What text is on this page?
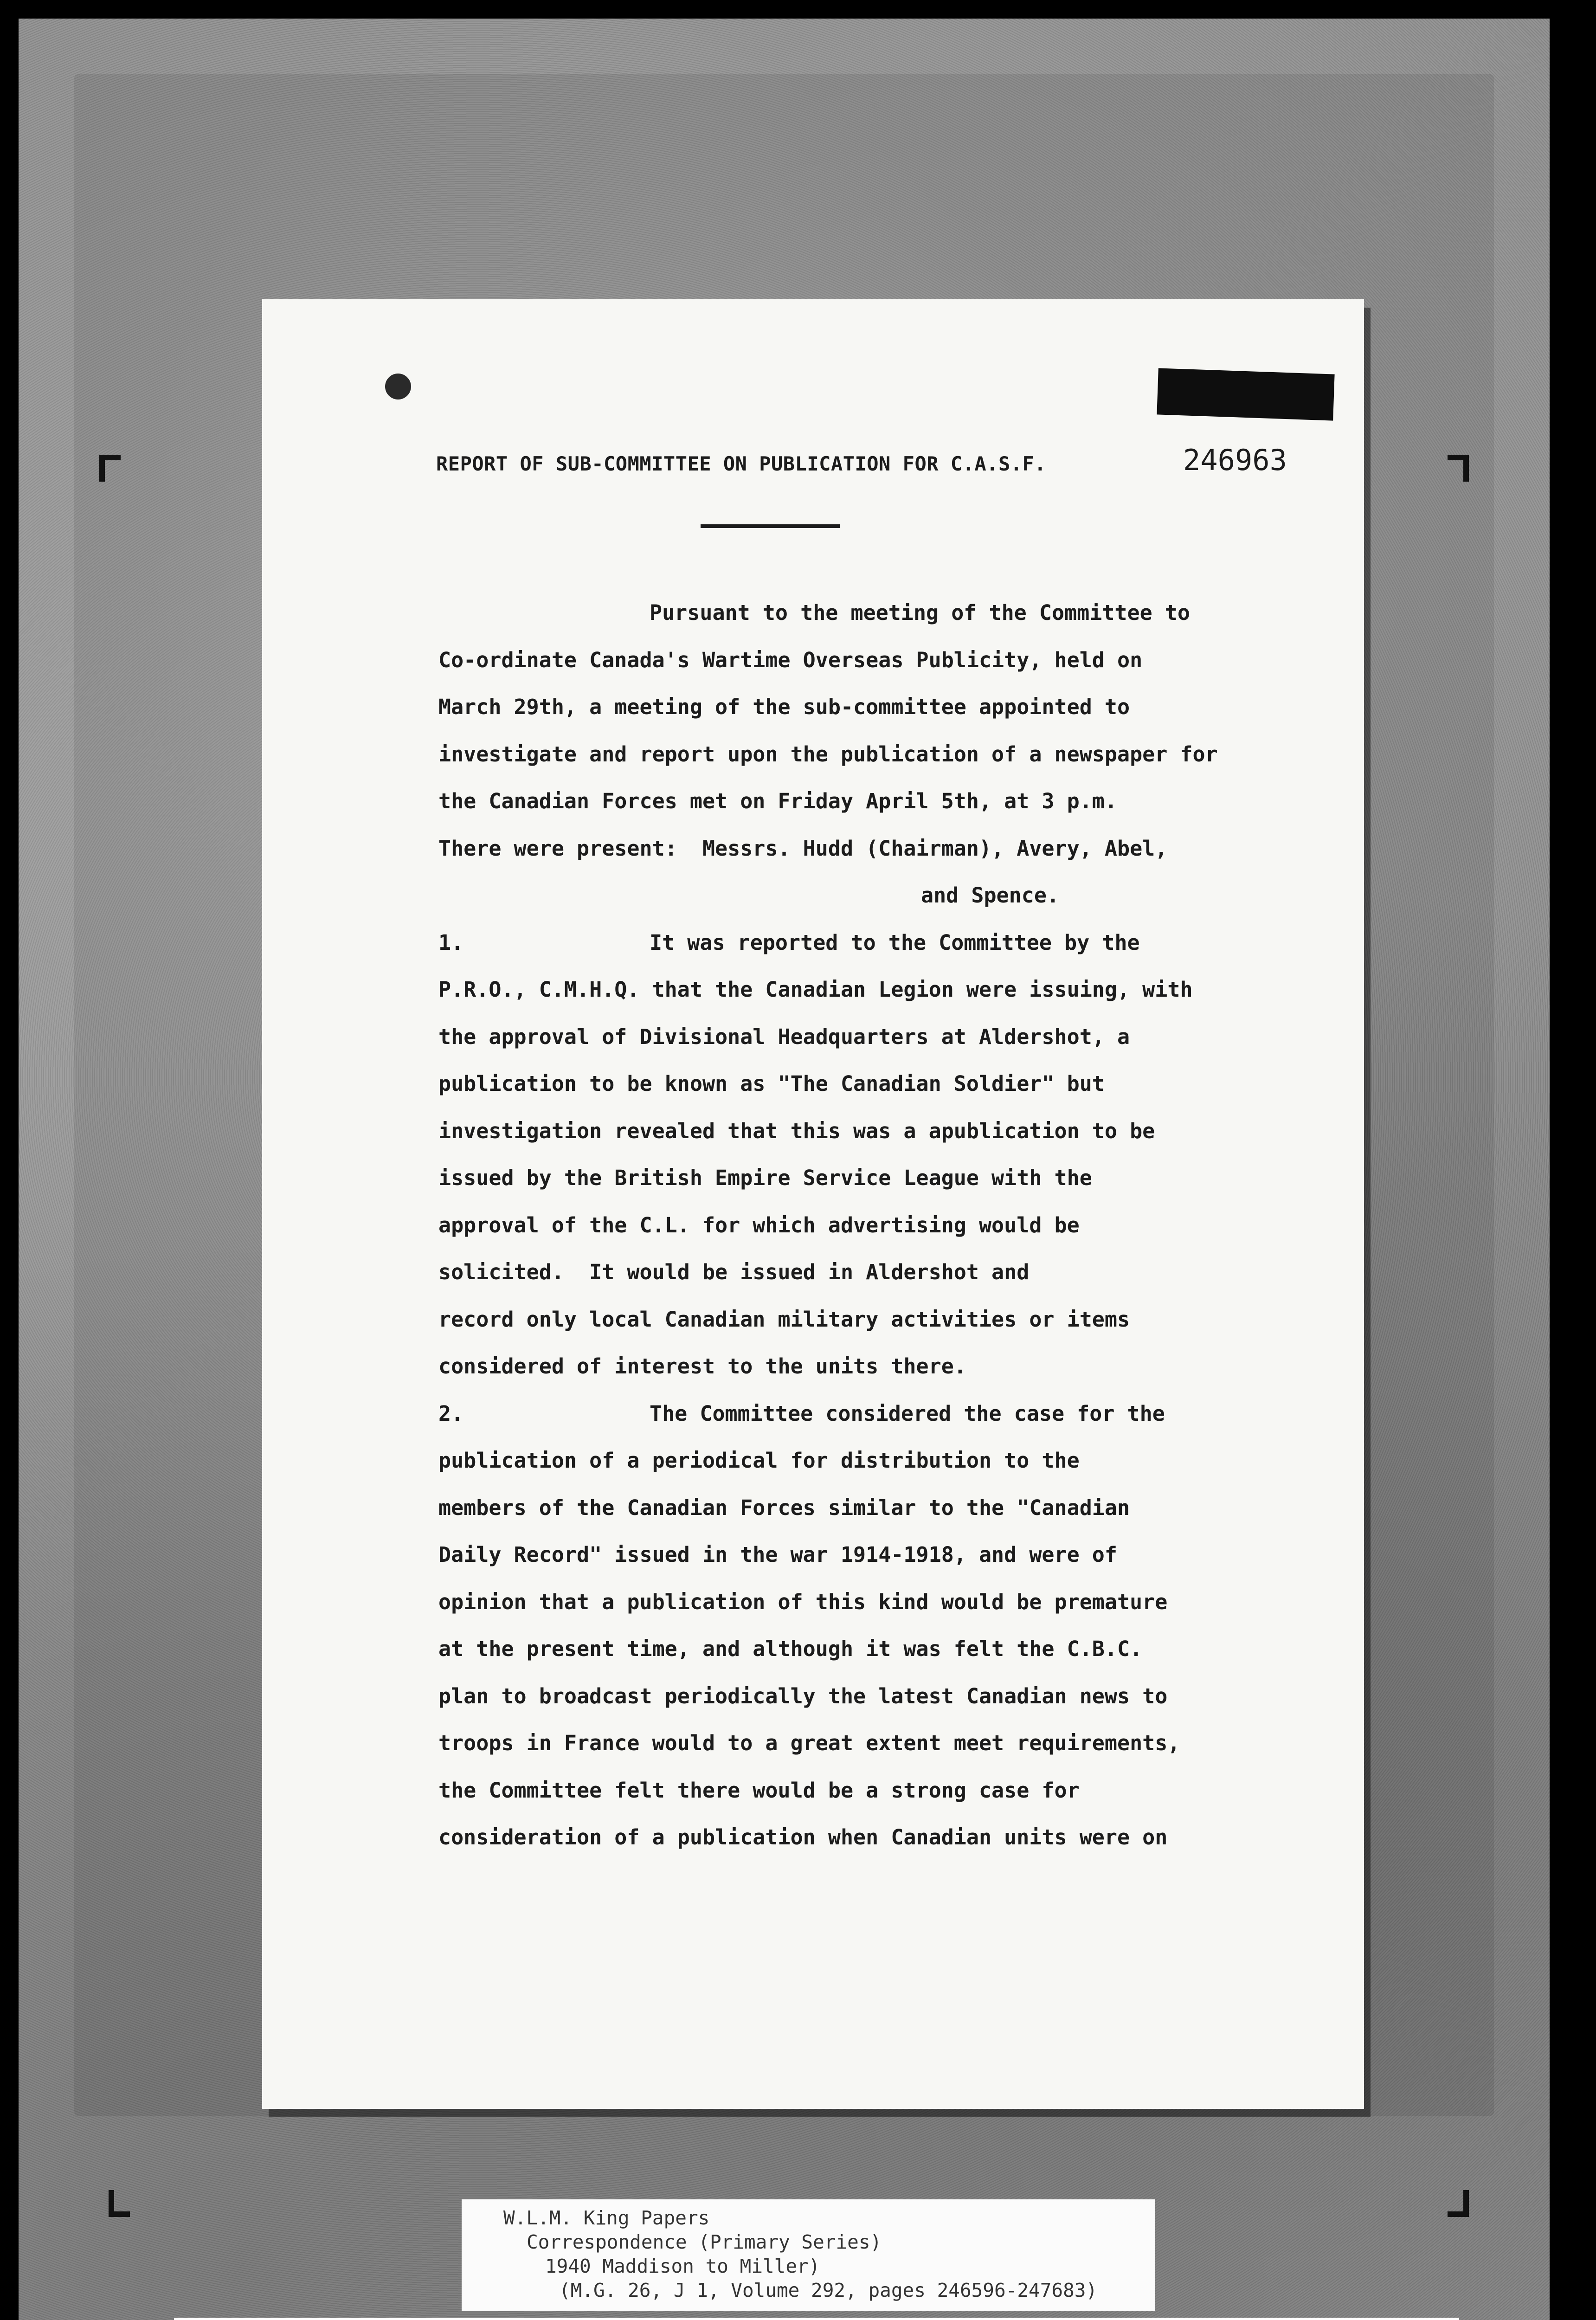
REPORT OF SUB-COMMITTEE ON PUBLICATION FOR C.A.S.F.	246963
Pursuant to the meeting of the Committee to
Co-ordinate Canada's Wartime Overseas Publicity, held on
March 29th, a meeting of the sub-committee appointed to
investigate and report upon the publication of a newspaper for
the Canadian Forces met on Friday April 5th, at 3 p.m.
There were present:  Messrs. Hudd (Chairman), Avery, Abel,
and Spence.
1.	It was reported to the Committee by the
P.R.O., C.M.H.Q. that the Canadian Legion were issuing, with
the approval of Divisional Headquarters at Aldershot, a
publication to be known as "The Canadian Soldier" but
investigation revealed that this was a apublication to be
issued by the British Empire Service League with the
approval of the C.L. for which advertising would be
solicited.  It would be issued in Aldershot and
record only local Canadian military activities or items
considered of interest to the units there.
2.	The Committee considered the case for the
publication of a periodical for distribution to the
members of the Canadian Forces similar to the "Canadian
Daily Record" issued in the war 1914-1918, and were of
opinion that a publication of this kind would be premature
at the present time, and although it was felt the C.B.C.
plan to broadcast periodically the latest Canadian news to
troops in France would to a great extent meet requirements,
the Committee felt there would be a strong case for
consideration of a publication when Canadian units were on
W.L.M. King Papers
Correspondence (Primary Series)
1940 Maddison to Miller)
(M.G. 26, J 1, Volume 292, pages 246596-247683)
